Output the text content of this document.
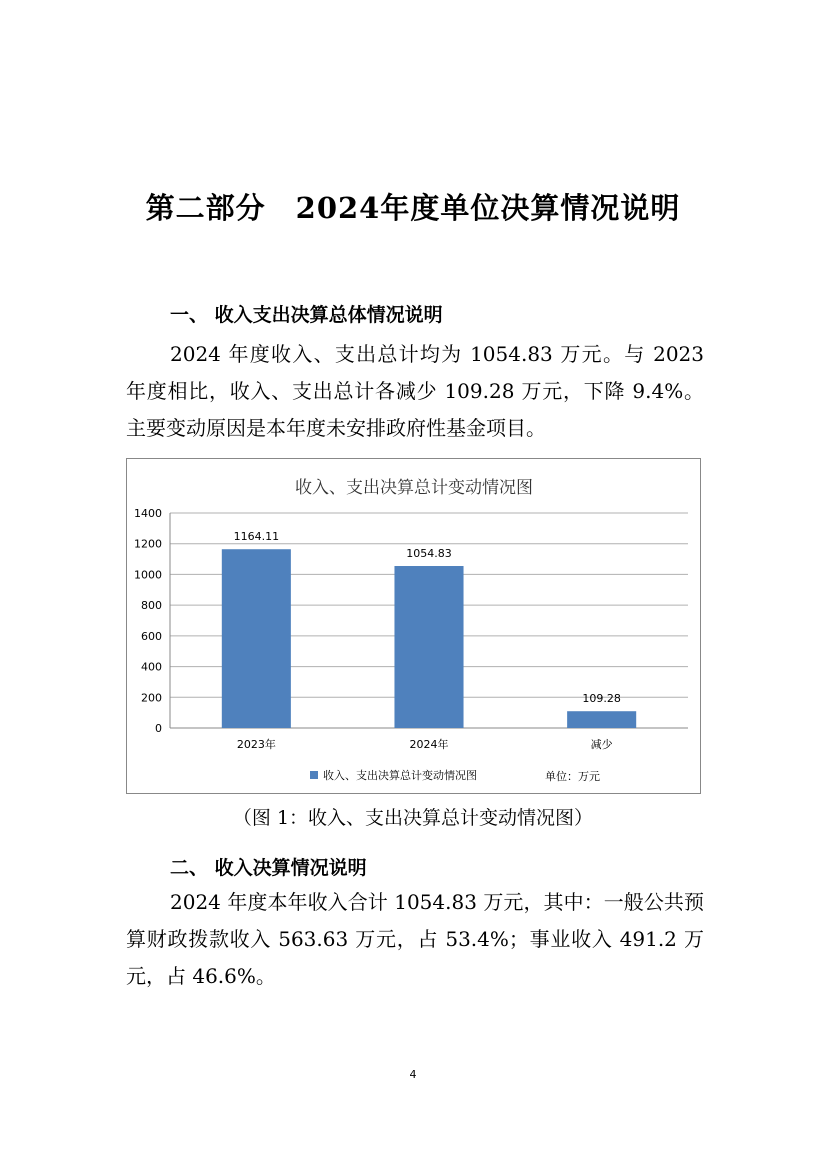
第二部分　2024年度单位决算情况说明
一、 收入支出决算总体情况说明
2024 年度收入、支出总计均为 1054.83 万元。与 2023 年度相比，收入、支出总计各减少 109.28 万元，下降 9.4%。主要变动原因是本年度未安排政府性基金项目。
收入、支出决算总计变动情况图
0
200
400
600
800
1000
1200
1400
1164.11
2023年
1054.83
2024年
109.28
减少
收入、支出决算总计变动情况图	单位：万元
（图 1：收入、支出决算总计变动情况图）
二、 收入决算情况说明
2024 年度本年收入合计 1054.83 万元，其中：一般公共预算财政拨款收入 563.63 万元，占 53.4%；事业收入 491.2 万元，占 46.6%。
4
